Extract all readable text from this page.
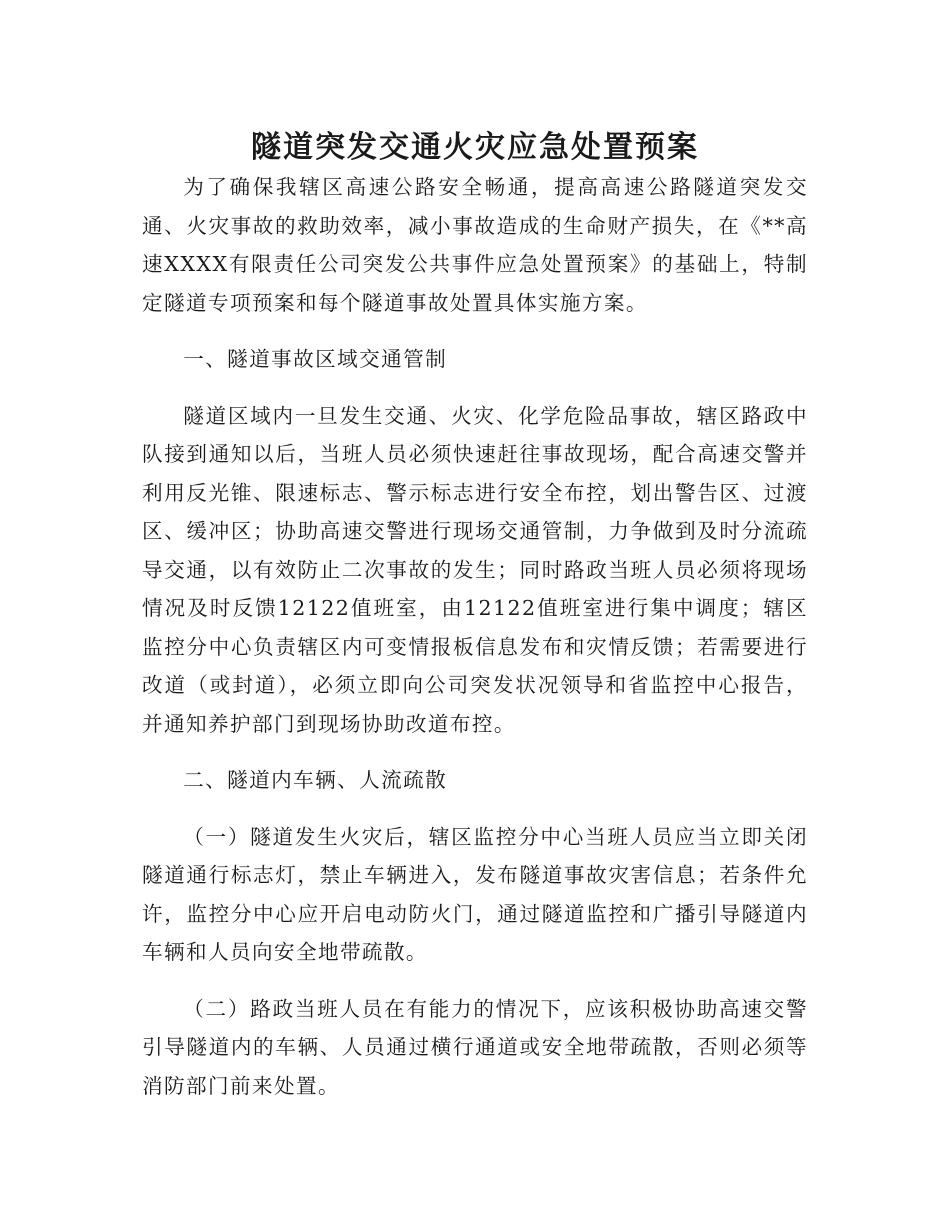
隧道突发交通火灾应急处置预案

为了确保我辖区高速公路安全畅通，提高高速公路隧道突发交通、火灾事故的救助效率，减小事故造成的生命财产损失，在《**高速XXXX有限责任公司突发公共事件应急处置预案》的基础上，特制定隧道专项预案和每个隧道事故处置具体实施方案。

一、隧道事故区域交通管制

隧道区域内一旦发生交通、火灾、化学危险品事故，辖区路政中队接到通知以后，当班人员必须快速赶往事故现场，配合高速交警并利用反光锥、限速标志、警示标志进行安全布控，划出警告区、过渡区、缓冲区；协助高速交警进行现场交通管制，力争做到及时分流疏导交通，以有效防止二次事故的发生；同时路政当班人员必须将现场情况及时反馈12122值班室，由12122值班室进行集中调度；辖区监控分中心负责辖区内可变情报板信息发布和灾情反馈；若需要进行改道（或封道），必须立即向公司突发状况领导和省监控中心报告，并通知养护部门到现场协助改道布控。

二、隧道内车辆、人流疏散

（一）隧道发生火灾后，辖区监控分中心当班人员应当立即关闭隧道通行标志灯，禁止车辆进入，发布隧道事故灾害信息；若条件允许，监控分中心应开启电动防火门，通过隧道监控和广播引导隧道内车辆和人员向安全地带疏散。

（二）路政当班人员在有能力的情况下，应该积极协助高速交警引导隧道内的车辆、人员通过横行通道或安全地带疏散，否则必须等消防部门前来处置。
